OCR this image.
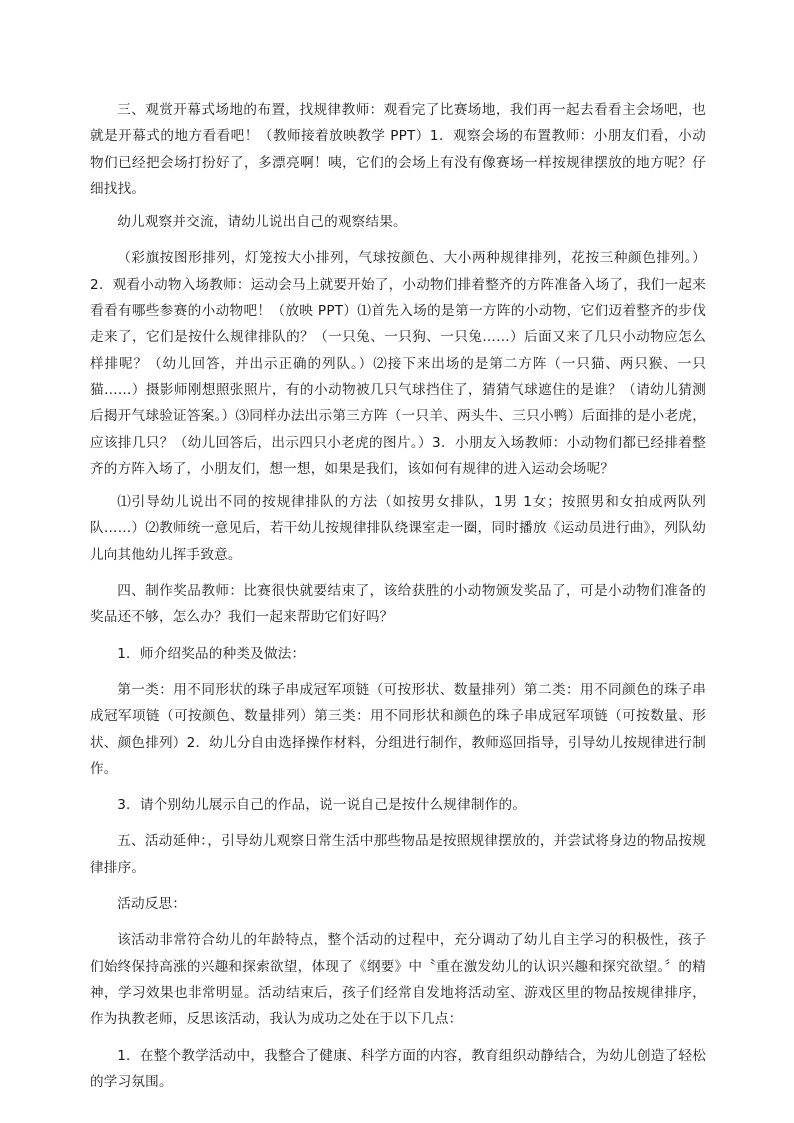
三、观赏开幕式场地的布置，找规律教师：观看完了比赛场地，我们再一起去看看主会场吧，也就是开幕式的地方看看吧！（教师接着放映教学 PPT）1．观察会场的布置教师：小朋友们看，小动物们已经把会场打扮好了，多漂亮啊！咦，它们的会场上有没有像赛场一样按规律摆放的地方呢？仔细找找。

幼儿观察并交流，请幼儿说出自己的观察结果。

（彩旗按图形排列，灯笼按大小排列，气球按颜色、大小两种规律排列，花按三种颜色排列。）2．观看小动物入场教师：运动会马上就要开始了，小动物们排着整齐的方阵准备入场了，我们一起来看看有哪些参赛的小动物吧！（放映 PPT）⑴首先入场的是第一方阵的小动物，它们迈着整齐的步伐走来了，它们是按什么规律排队的？（一只兔、一只狗、一只兔……）后面又来了几只小动物应怎么样排呢？（幼儿回答，并出示正确的列队。）⑵接下来出场的是第二方阵（一只猫、两只猴、一只猫……）摄影师刚想照张照片，有的小动物被几只气球挡住了，猜猜气球遮住的是谁？（请幼儿猜测后揭开气球验证答案。）⑶同样办法出示第三方阵（一只羊、两头牛、三只小鸭）后面排的是小老虎，应该排几只？（幼儿回答后，出示四只小老虎的图片。）3．小朋友入场教师：小动物们都已经排着整齐的方阵入场了，小朋友们，想一想，如果是我们，该如何有规律的进入运动会场呢？

⑴引导幼儿说出不同的按规律排队的方法（如按男女排队，1男 1女；按照男和女拍成两队列队……）⑵教师统一意见后，若干幼儿按规律排队绕课室走一圈，同时播放《运动员进行曲》，列队幼儿向其他幼儿挥手致意。

四、制作奖品教师：比赛很快就要结束了，该给获胜的小动物颁发奖品了，可是小动物们准备的奖品还不够，怎么办？我们一起来帮助它们好吗？

1．师介绍奖品的种类及做法：

第一类：用不同形状的珠子串成冠军项链（可按形状、数量排列）第二类：用不同颜色的珠子串成冠军项链（可按颜色、数量排列）第三类：用不同形状和颜色的珠子串成冠军项链（可按数量、形状、颜色排列）2．幼儿分自由选择操作材料，分组进行制作，教师巡回指导，引导幼儿按规律进行制作。

3．请个别幼儿展示自己的作品，说一说自己是按什么规律制作的。

五、活动延伸：，引导幼儿观察日常生活中那些物品是按照规律摆放的，并尝试将身边的物品按规律排序。

活动反思：

该活动非常符合幼儿的年龄特点，整个活动的过程中，充分调动了幼儿自主学习的积极性，孩子们始终保持高涨的兴趣和探索欲望，体现了《纲要》中〝重在激发幼儿的认识兴趣和探究欲望。〞的精神，学习效果也非常明显。活动结束后，孩子们经常自发地将活动室、游戏区里的物品按规律排序，作为执教老师，反思该活动，我认为成功之处在于以下几点：

1．在整个教学活动中，我整合了健康、科学方面的内容，教育组织动静结合，为幼儿创造了轻松的学习氛围。
